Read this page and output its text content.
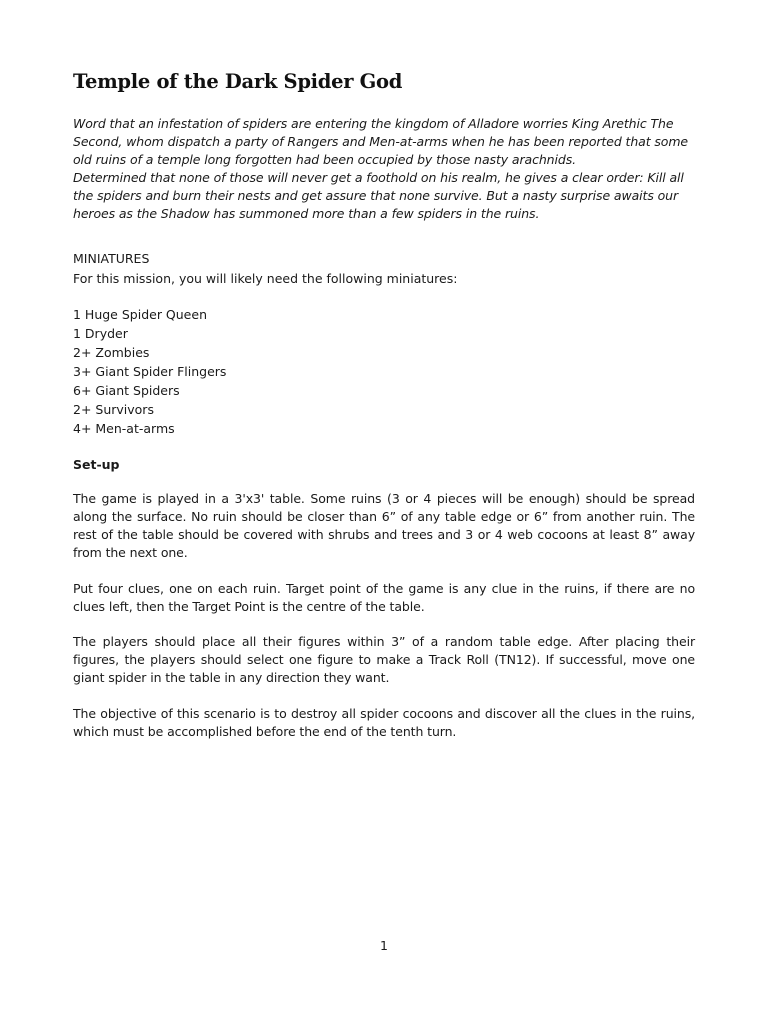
Temple of the Dark Spider God

Word that an infestation of spiders are entering the kingdom of Alladore worries King Arethic The Second, whom dispatch a party of Rangers and Men-at-arms when he has been reported that some old ruins of a temple long forgotten had been occupied by those nasty arachnids.

Determined that none of those will never get a foothold on his realm, he gives a clear order: Kill all the spiders and burn their nests and get assure that none survive. But a nasty surprise awaits our heroes as the Shadow has summoned more than a few spiders in the ruins.

MINIATURES

For this mission, you will likely need the following miniatures:

1 Huge Spider Queen
1 Dryder
2+ Zombies
3+ Giant Spider Flingers
6+ Giant Spiders
2+ Survivors
4+ Men-at-arms

Set-up

The game is played in a 3'x3' table. Some ruins (3 or 4 pieces will be enough) should be spread along the surface. No ruin should be closer than 6” of any table edge or 6” from another ruin. The rest of the table should be covered with shrubs and trees and 3 or 4 web cocoons at least 8” away from the next one.

Put four clues, one on each ruin. Target point of the game is any clue in the ruins, if there are no clues left, then the Target Point is the centre of the table.

The players should place all their figures within 3” of a random table edge. After placing their figures, the players should select one figure to make a Track Roll (TN12). If successful, move one giant spider in the table in any direction they want.

The objective of this scenario is to destroy all spider cocoons and discover all the clues in the ruins, which must be accomplished before the end of the tenth turn.

1
